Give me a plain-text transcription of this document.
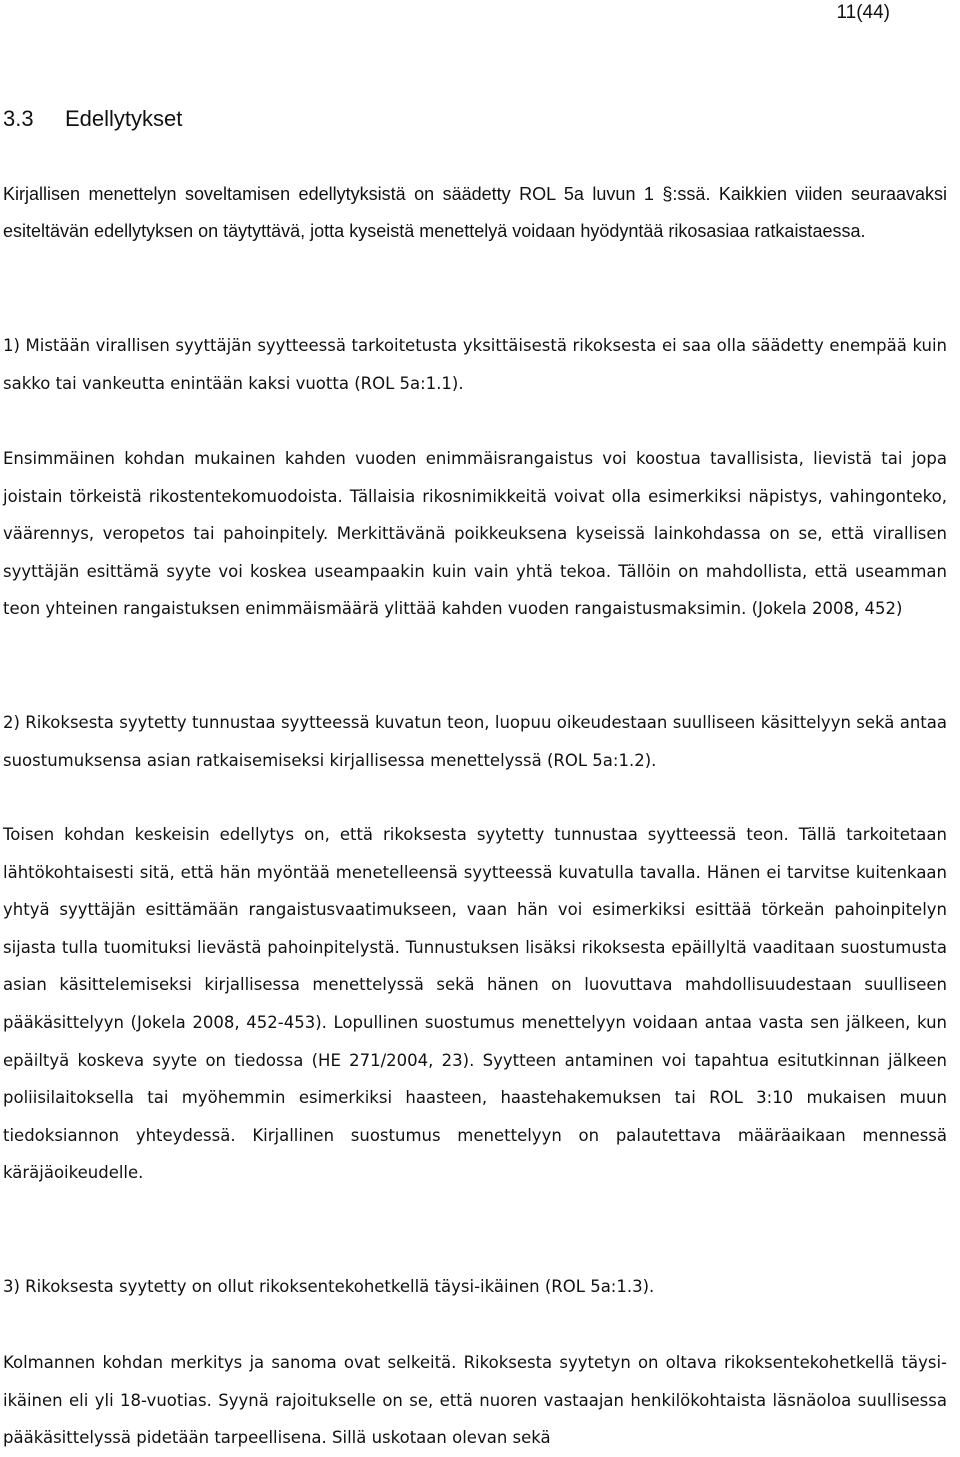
11(44)
3.3 Edellytykset

Kirjallisen menettelyn soveltamisen edellytyksistä on säädetty ROL 5a luvun 1 §:ssä. Kaikkien viiden seuraavaksi esiteltävän edellytyksen on täytyttävä, jotta kyseistä menettelyä voidaan hyödyntää rikosasiaa ratkaistaessa.

1) Mistään virallisen syyttäjän syytteessä tarkoitetusta yksittäisestä rikoksesta ei saa olla säädetty enempää kuin sakko tai vankeutta enintään kaksi vuotta (ROL 5a:1.1).

Ensimmäinen kohdan mukainen kahden vuoden enimmäisrangaistus voi koostua tavallisista, lievistä tai jopa joistain törkeistä rikostentekomuodoista. Tällaisia rikosnimikkeitä voivat olla esimerkiksi näpistys, vahingonteko, väärennys, veropetos tai pahoinpitely. Merkittävänä poikkeuksena kyseissä lainkohdassa on se, että virallisen syyttäjän esittämä syyte voi koskea useampaakin kuin vain yhtä tekoa. Tällöin on mahdollista, että useamman teon yhteinen rangaistuksen enimmäismäärä ylittää kahden vuoden rangaistusmaksimin. (Jokela 2008, 452)

2) Rikoksesta syytetty tunnustaa syytteessä kuvatun teon, luopuu oikeudestaan suulliseen käsittelyyn sekä antaa suostumuksensa asian ratkaisemiseksi kirjallisessa menettelyssä (ROL 5a:1.2).

Toisen kohdan keskeisin edellytys on, että rikoksesta syytetty tunnustaa syytteessä teon. Tällä tarkoitetaan lähtökohtaisesti sitä, että hän myöntää menetelleensä syytteessä kuvatulla tavalla. Hänen ei tarvitse kuitenkaan yhtyä syyttäjän esittämään rangaistusvaatimukseen, vaan hän voi esimerkiksi esittää törkeän pahoinpitelyn sijasta tulla tuomituksi lievästä pahoinpitelystä. Tunnustuksen lisäksi rikoksesta epäillyltä vaaditaan suostumusta asian käsittelemiseksi kirjallisessa menettelyssä sekä hänen on luovuttava mahdollisuudestaan suulliseen pääkäsittelyyn (Jokela 2008, 452-453). Lopullinen suostumus menettelyyn voidaan antaa vasta sen jälkeen, kun epäiltyä koskeva syyte on tiedossa (HE 271/2004, 23). Syytteen antaminen voi tapahtua esitutkinnan jälkeen poliisilaitoksella tai myöhemmin esimerkiksi haasteen, haastehakemuksen tai ROL 3:10 mukaisen muun tiedoksiannon yhteydessä. Kirjallinen suostumus menettelyyn on palautettava määräaikaan mennessä käräjäoikeudelle.

3) Rikoksesta syytetty on ollut rikoksentekohetkellä täysi-ikäinen (ROL 5a:1.3).

Kolmannen kohdan merkitys ja sanoma ovat selkeitä. Rikoksesta syytetyn on oltava rikoksentekohetkellä täysi-ikäinen eli yli 18-vuotias. Syynä rajoitukselle on se, että nuoren vastaajan henkilökohtaista läsnäoloa suullisessa pääkäsittelyssä pidetään tarpeellisena. Sillä uskotaan olevan sekä
